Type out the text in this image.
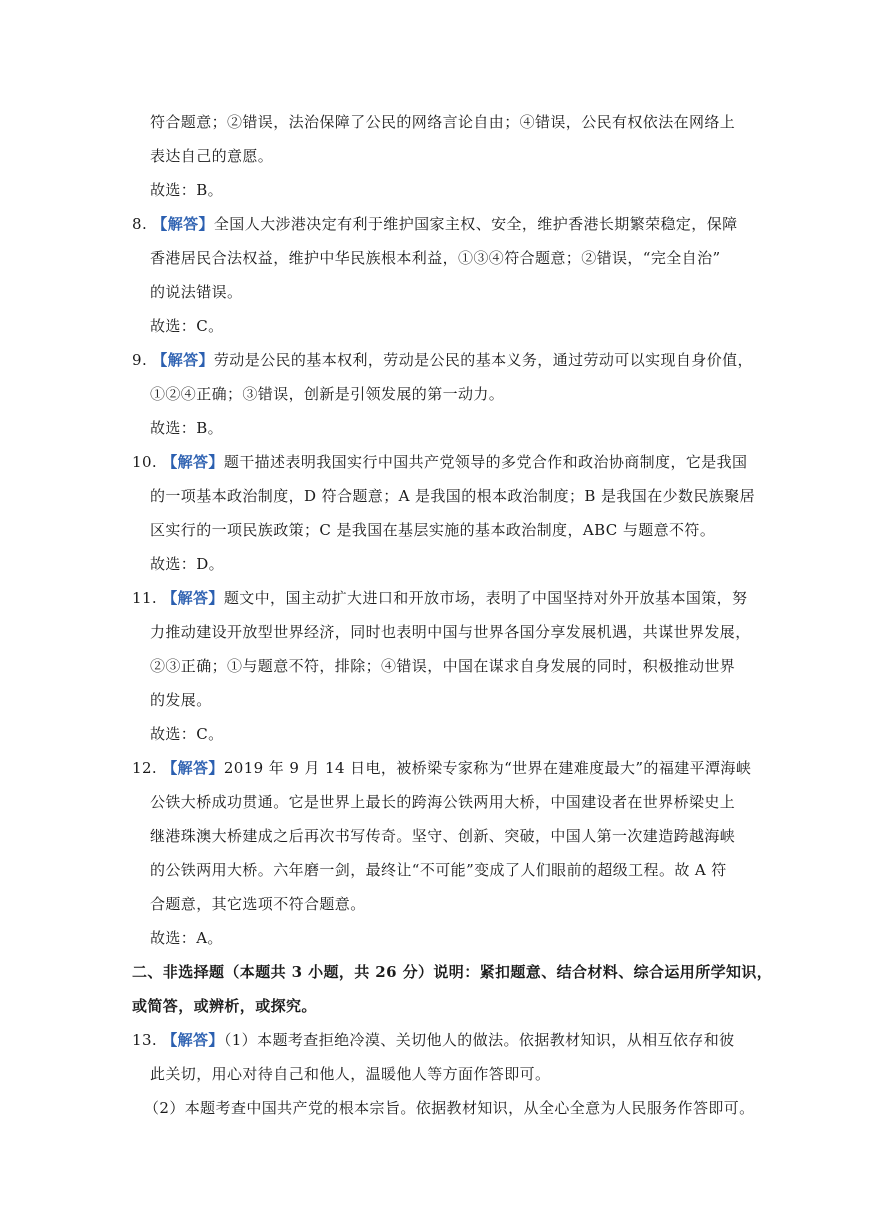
符合题意；②错误，法治保障了公民的网络言论自由；④错误，公民有权依法在网络上
表达自己的意愿。
故选：B。
8. 【解答】全国人大涉港决定有利于维护国家主权、安全，维护香港长期繁荣稳定，保障
香港居民合法权益，维护中华民族根本利益，①③④符合题意；②错误，“完全自治”
的说法错误。
故选：C。
9. 【解答】劳动是公民的基本权利，劳动是公民的基本义务，通过劳动可以实现自身价值，
①②④正确；③错误，创新是引领发展的第一动力。
故选：B。
10. 【解答】题干描述表明我国实行中国共产党领导的多党合作和政治协商制度，它是我国
的一项基本政治制度，D 符合题意；A 是我国的根本政治制度；B 是我国在少数民族聚居
区实行的一项民族政策；C 是我国在基层实施的基本政治制度，ABC 与题意不符。
故选：D。
11. 【解答】题文中，国主动扩大进口和开放市场，表明了中国坚持对外开放基本国策，努
力推动建设开放型世界经济，同时也表明中国与世界各国分享发展机遇，共谋世界发展，
②③正确；①与题意不符，排除；④错误，中国在谋求自身发展的同时，积极推动世界
的发展。
故选：C。
12. 【解答】2019 年 9 月 14 日电，被桥梁专家称为“世界在建难度最大”的福建平潭海峡
公铁大桥成功贯通。它是世界上最长的跨海公铁两用大桥，中国建设者在世界桥梁史上
继港珠澳大桥建成之后再次书写传奇。坚守、创新、突破，中国人第一次建造跨越海峡
的公铁两用大桥。六年磨一剑，最终让“不可能”变成了人们眼前的超级工程。故 A 符
合题意，其它选项不符合题意。
故选：A。
二、非选择题（本题共 3 小题，共 26 分）说明：紧扣题意、结合材料、综合运用所学知识，
或简答，或辨析，或探究。
13. 【解答】（1）本题考查拒绝冷漠、关切他人的做法。依据教材知识，从相互依存和彼
此关切，用心对待自己和他人，温暖他人等方面作答即可。
（2）本题考查中国共产党的根本宗旨。依据教材知识，从全心全意为人民服务作答即可。
